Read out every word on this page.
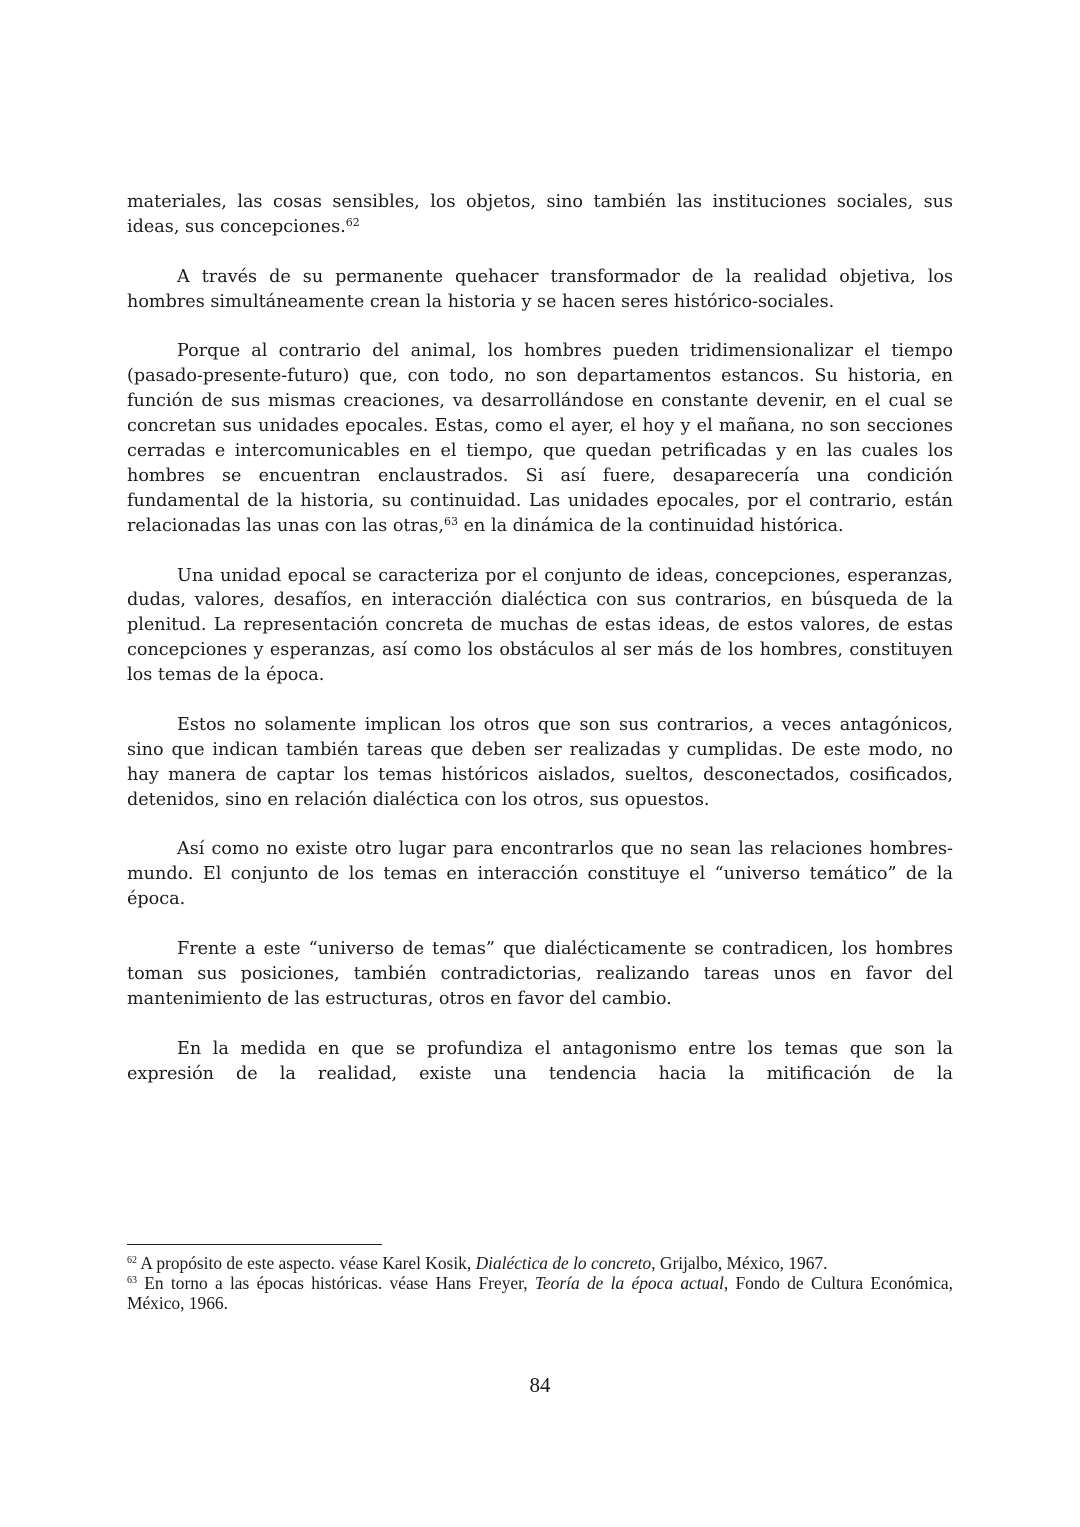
materiales, las cosas sensibles, los objetos, sino también las instituciones sociales, sus ideas, sus concepciones.$^{62}$

A través de su permanente quehacer transformador de la realidad objetiva, los hombres simultáneamente crean la historia y se hacen seres histórico-sociales.

Porque al contrario del animal, los hombres pueden tridimensionalizar el tiempo (pasado-presente-futuro) que, con todo, no son departamentos estancos. Su historia, en función de sus mismas creaciones, va desarrollándose en constante devenir, en el cual se concretan sus unidades epocales. Estas, como el ayer, el hoy y el mañana, no son secciones cerradas e intercomunicables en el tiempo, que quedan petrificadas y en las cuales los hombres se encuentran enclaustrados. Si así fuere, desaparecería una condición fundamental de la historia, su continuidad. Las unidades epocales, por el contrario, están relacionadas las unas con las otras,$^{63}$ en la dinámica de la continuidad histórica.

Una unidad epocal se caracteriza por el conjunto de ideas, concepciones, esperanzas, dudas, valores, desafíos, en interacción dialéctica con sus contrarios, en búsqueda de la plenitud. La representación concreta de muchas de estas ideas, de estos valores, de estas concepciones y esperanzas, así como los obstáculos al ser más de los hombres, constituyen los temas de la época.

Estos no solamente implican los otros que son sus contrarios, a veces antagónicos, sino que indican también tareas que deben ser realizadas y cumplidas. De este modo, no hay manera de captar los temas históricos aislados, sueltos, desconectados, cosificados, detenidos, sino en relación dialéctica con los otros, sus opuestos.

Así como no existe otro lugar para encontrarlos que no sean las relaciones hombres-mundo. El conjunto de los temas en interacción constituye el “universo temático” de la época.

Frente a este “universo de temas” que dialécticamente se contradicen, los hombres toman sus posiciones, también contradictorias, realizando tareas unos en favor del mantenimiento de las estructuras, otros en favor del cambio.

En la medida en que se profundiza el antagonismo entre los temas que son la expresión de la realidad, existe una tendencia hacia la mitificación de la

$^{62}$ A propósito de este aspecto. véase Karel Kosik, Dialéctica de lo concreto, Grijalbo, México, 1967.

$^{63}$ En torno a las épocas históricas. véase Hans Freyer, Teoría de la época actual, Fondo de Cultura Económica, México, 1966.

84
